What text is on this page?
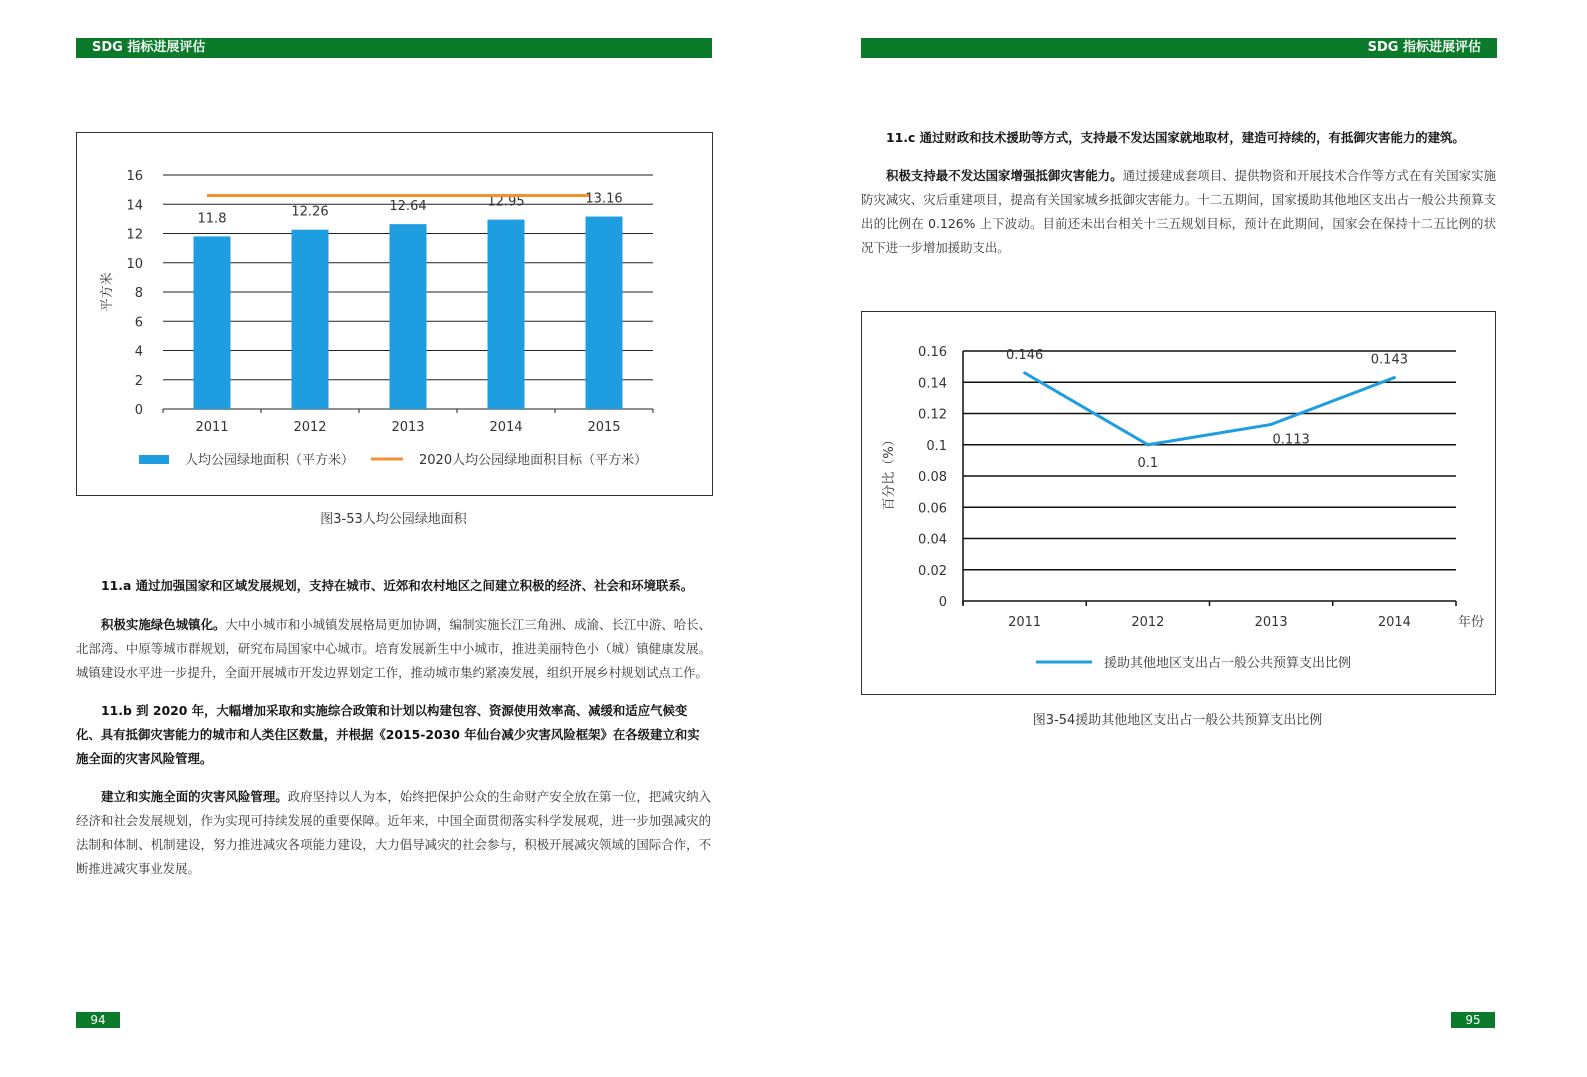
SDG 指标进展评估
0
2
4
6
8
10
12
14
16
11.8
2011
12.26
2012
12.64
2013
12.95
2014
13.16
2015
平方米
人均公园绿地面积（平方米）	2020人均公园绿地面积目标（平方米）
图3-53人均公园绿地面积

11.a 通过加强国家和区域发展规划，支持在城市、近郊和农村地区之间建立积极的经济、社会和环境联系。

积极实施绿色城镇化。大中小城市和小城镇发展格局更加协调，编制实施长江三角洲、成渝、长江中游、哈长、北部湾、中原等城市群规划，研究布局国家中心城市。培育发展新生中小城市，推进美丽特色小（城）镇健康发展。城镇建设水平进一步提升，全面开展城市开发边界划定工作，推动城市集约紧凑发展，组织开展乡村规划试点工作。

11.b 到 2020 年，大幅增加采取和实施综合政策和计划以构建包容、资源使用效率高、减缓和适应气候变化、具有抵御灾害能力的城市和人类住区数量，并根据《2015-2030 年仙台减少灾害风险框架》在各级建立和实施全面的灾害风险管理。

建立和实施全面的灾害风险管理。政府坚持以人为本，始终把保护公众的生命财产安全放在第一位，把减灾纳入经济和社会发展规划，作为实现可持续发展的重要保障。近年来，中国全面贯彻落实科学发展观，进一步加强减灾的法制和体制、机制建设，努力推进减灾各项能力建设，大力倡导减灾的社会参与，积极开展减灾领域的国际合作，不断推进减灾事业发展。

94
SDG 指标进展评估

11.c 通过财政和技术援助等方式，支持最不发达国家就地取材，建造可持续的，有抵御灾害能力的建筑。

积极支持最不发达国家增强抵御灾害能力。通过援建成套项目、提供物资和开展技术合作等方式在有关国家实施防灾减灾、灾后重建项目，提高有关国家城乡抵御灾害能力。十二五期间，国家援助其他地区支出占一般公共预算支出的比例在 0.126% 上下波动。目前还未出台相关十三五规划目标，预计在此期间，国家会在保持十二五比例的状况下进一步增加援助支出。

0
0.02
0.04
0.06
0.08
0.1
0.12
0.14
0.16	0.146
2011
0.1
2012
0.113
2013
0.143
2014	年份
百分比（%）
援助其他地区支出占一般公共预算支出比例
图3-54援助其他地区支出占一般公共预算支出比例
95
